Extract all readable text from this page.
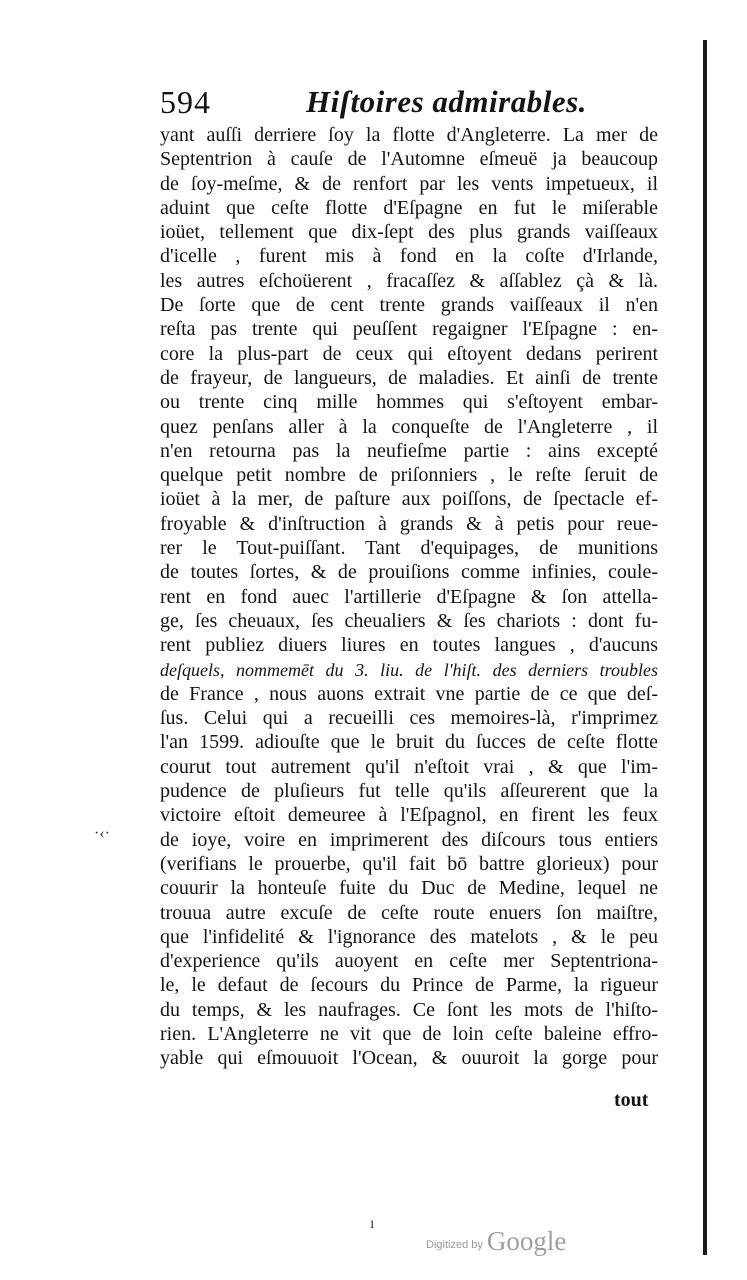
594	Hiſtoires admirables.
yant auſſi derriere ſoy la flotte d'Angleterre. La mer de
Septentrion à cauſe de l'Automne eſmeuë ja beaucoup
de ſoy-meſme, & de renfort par les vents impetueux, il
aduint que ceſte flotte d'Eſpagne en fut le miſerable
ioüet, tellement que dix-ſept des plus grands vaiſſeaux
d'icelle , furent mis à fond en la coſte d'Irlande,
les autres eſchoüerent , fracaſſez & aſſablez çà & là.
De ſorte que de cent trente grands vaiſſeaux il n'en
reſta pas trente qui peuſſent regaigner l'Eſpagne : en-
core la plus-part de ceux qui eſtoyent dedans perirent
de frayeur, de langueurs, de maladies. Et ainſi de trente
ou trente cinq mille hommes qui s'eſtoyent embar-
quez penſans aller à la conqueſte de l'Angleterre , il
n'en retourna pas la neufieſme partie : ains excepté
quelque petit nombre de priſonniers , le reſte ſeruit de
ioüet à la mer, de paſture aux poiſſons, de ſpectacle ef-
froyable & d'inſtruction à grands & à petis pour reue-
rer le Tout-puiſſant. Tant d'equipages, de munitions
de toutes ſortes, & de prouiſions comme infinies, coule-
rent en fond auec l'artillerie d'Eſpagne & ſon attella-
ge, ſes cheuaux, ſes cheualiers & ſes chariots : dont fu-
rent publiez diuers liures en toutes langues , d'aucuns
deſquels, nommemēt du 3. liu. de l'hiſt. des derniers troubles
de France , nous auons extrait vne partie de ce que deſ-
ſus. Celui qui a recueilli ces memoires-là, r'imprimez
l'an 1599. adiouſte que le bruit du ſucces de ceſte flotte
courut tout autrement qu'il n'eſtoit vrai , & que l'im-
pudence de pluſieurs fut telle qu'ils aſſeurerent que la
victoire eſtoit demeuree à l'Eſpagnol, en firent les feux
de ioye, voire en imprimerent des diſcours tous entiers
(verifians le prouerbe, qu'il fait bō battre glorieux) pour
couurir la honteuſe fuite du Duc de Medine, lequel ne
trouua autre excuſe de ceſte route enuers ſon maiſtre,
que l'infidelité & l'ignorance des matelots , & le peu
d'experience qu'ils auoyent en ceſte mer Septentriona-
le, le defaut de ſecours du Prince de Parme, la rigueur
du temps, & les naufrages. Ce ſont les mots de l'hiſto-
rien. L'Angleterre ne vit que de loin ceſte baleine effro-
yable qui eſmouuoit l'Ocean, & ouuroit la gorge pour
tout
·‹·
ı
Digitized by Google
